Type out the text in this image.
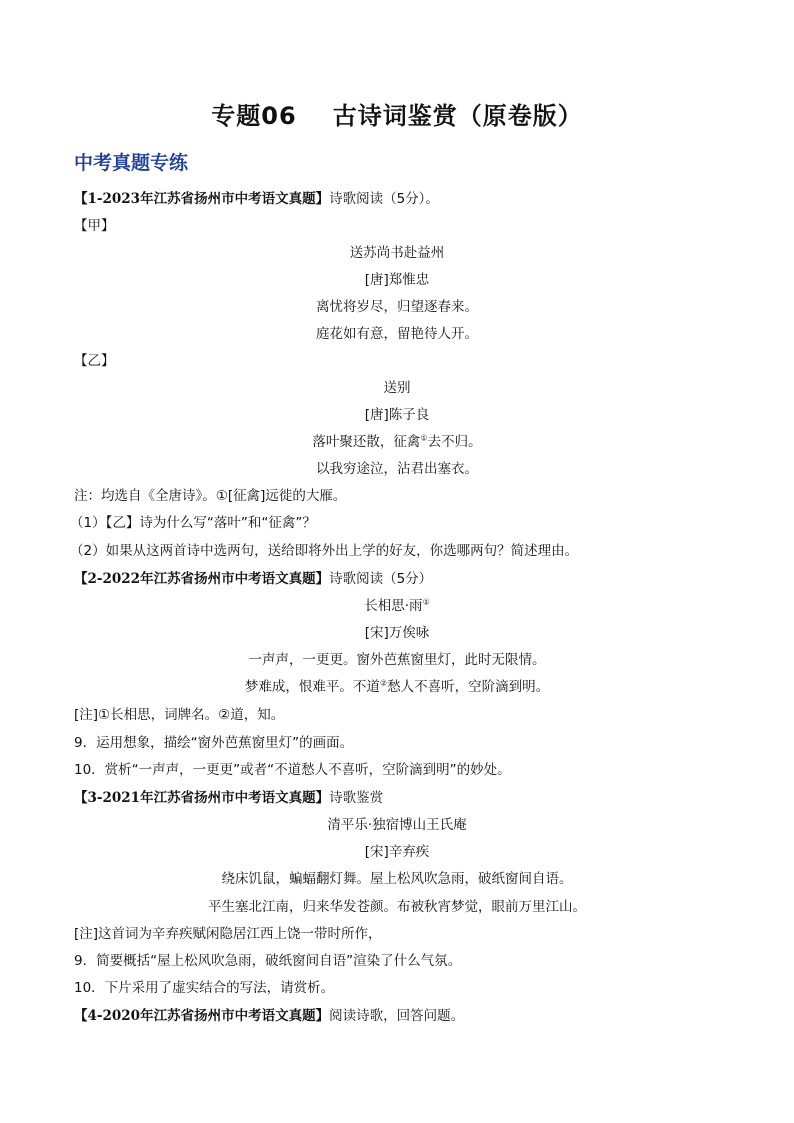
专题06 古诗词鉴赏（原卷版）
中考真题专练
【1-2023年江苏省扬州市中考语文真题】诗歌阅读（5分）。
【甲】
送苏尚书赴益州
[唐]郑惟忠
离忧将岁尽，归望逐春来。
庭花如有意，留艳待人开。
【乙】
送别
[唐]陈子良
落叶聚还散，征禽①去不归。
以我穷途泣，沾君出塞衣。
注：均选自《全唐诗》。①[征禽]远徙的大雁。
（1）【乙】诗为什么写“落叶”和“征禽”？
（2）如果从这两首诗中选两句，送给即将外出上学的好友，你选哪两句？简述理由。
【2-2022年江苏省扬州市中考语文真题】诗歌阅读（5分）
长相思·雨①
[宋]万俟咏
一声声，一更更。窗外芭蕉窗里灯，此时无限情。
梦难成，恨难平。不道②愁人不喜听，空阶滴到明。
[注]①长相思，词牌名。②道，知。
9．运用想象，描绘“窗外芭蕉窗里灯”的画面。
10．赏析“一声声，一更更”或者“不道愁人不喜听，空阶滴到明”的妙处。
【3-2021年江苏省扬州市中考语文真题】诗歌鉴赏
清平乐·独宿博山王氏庵
[宋]辛弃疾
绕床饥鼠，蝙蝠翻灯舞。屋上松风吹急雨，破纸窗间自语。
平生塞北江南，归来华发苍颜。布被秋宵梦觉，眼前万里江山。
[注]这首词为辛弃疾赋闲隐居江西上饶一带时所作，
9．简要概括“屋上松风吹急雨，破纸窗间自语”渲染了什么气氛。
10．下片采用了虚实结合的写法，请赏析。
【4-2020年江苏省扬州市中考语文真题】阅读诗歌，回答问题。
